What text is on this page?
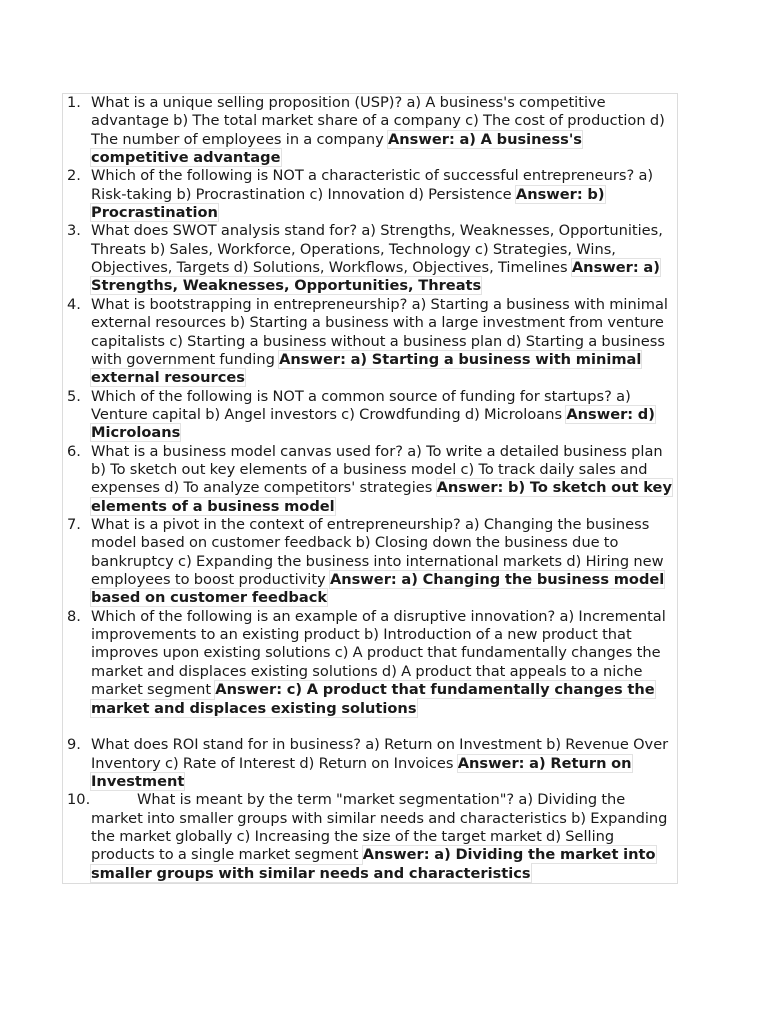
1. What is a unique selling proposition (USP)? a) A business's competitive advantage b) The total market share of a company c) The cost of production d) The number of employees in a company Answer: a) A business's competitive advantage
2. Which of the following is NOT a characteristic of successful entrepreneurs? a) Risk-taking b) Procrastination c) Innovation d) Persistence Answer: b) Procrastination
3. What does SWOT analysis stand for? a) Strengths, Weaknesses, Opportunities, Threats b) Sales, Workforce, Operations, Technology c) Strategies, Wins, Objectives, Targets d) Solutions, Workflows, Objectives, Timelines Answer: a) Strengths, Weaknesses, Opportunities, Threats
4. What is bootstrapping in entrepreneurship? a) Starting a business with minimal external resources b) Starting a business with a large investment from venture capitalists c) Starting a business without a business plan d) Starting a business with government funding Answer: a) Starting a business with minimal external resources
5. Which of the following is NOT a common source of funding for startups? a) Venture capital b) Angel investors c) Crowdfunding d) Microloans Answer: d) Microloans
6. What is a business model canvas used for? a) To write a detailed business plan b) To sketch out key elements of a business model c) To track daily sales and expenses d) To analyze competitors' strategies Answer: b) To sketch out key elements of a business model
7. What is a pivot in the context of entrepreneurship? a) Changing the business model based on customer feedback b) Closing down the business due to bankruptcy c) Expanding the business into international markets d) Hiring new employees to boost productivity Answer: a) Changing the business model based on customer feedback
8. Which of the following is an example of a disruptive innovation? a) Incremental improvements to an existing product b) Introduction of a new product that improves upon existing solutions c) A product that fundamentally changes the market and displaces existing solutions d) A product that appeals to a niche market segment Answer: c) A product that fundamentally changes the market and displaces existing solutions
9. What does ROI stand for in business? a) Return on Investment b) Revenue Over Inventory c) Rate of Interest d) Return on Invoices Answer: a) Return on Investment
10.	What is meant by the term "market segmentation"? a) Dividing the market into smaller groups with similar needs and characteristics b) Expanding the market globally c) Increasing the size of the target market d) Selling products to a single market segment Answer: a) Dividing the market into smaller groups with similar needs and characteristics
